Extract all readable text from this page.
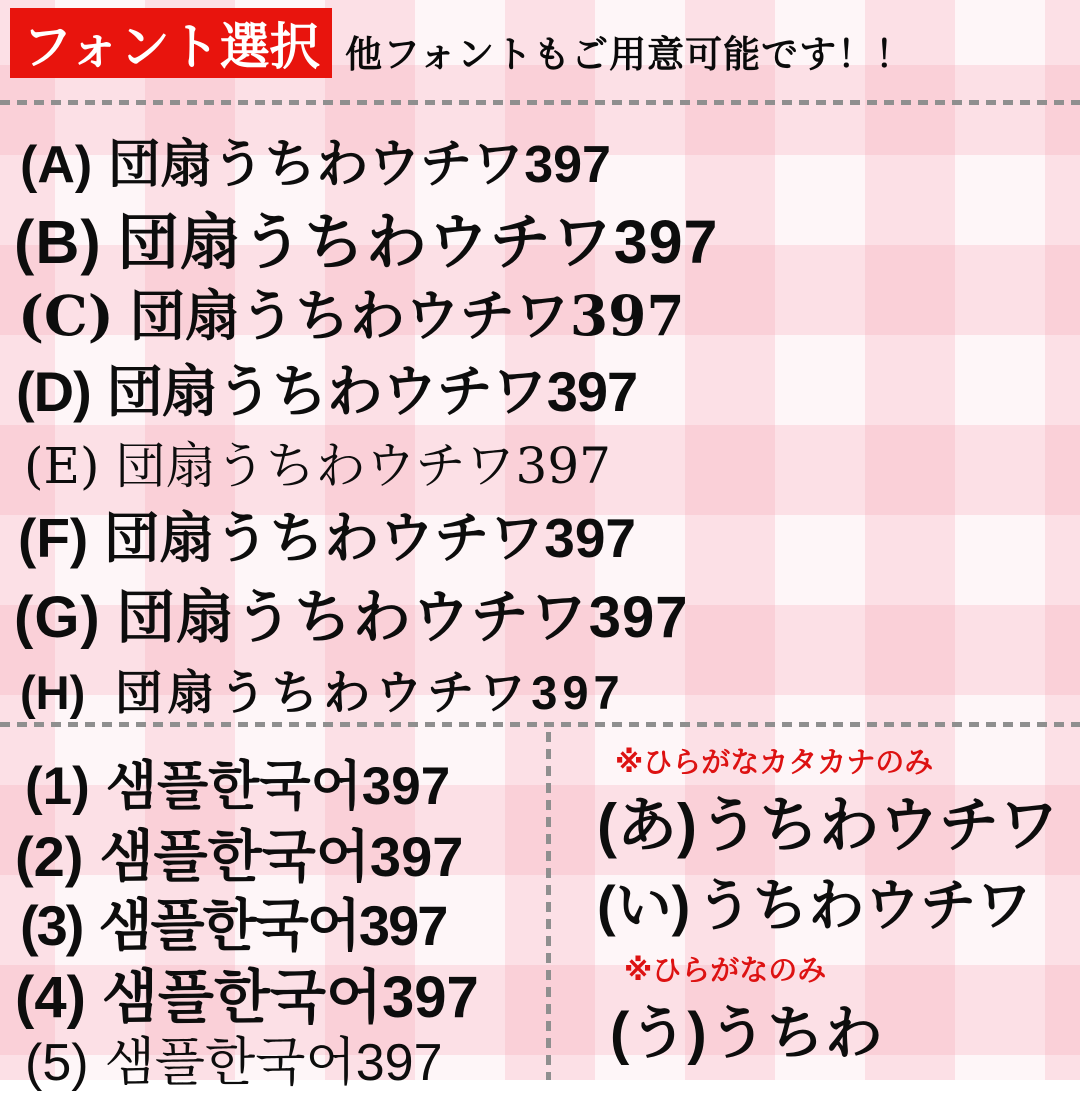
フォント選択 他フォントもご用意可能です！！
(A) 団扇うちわウチワ397
(B) 団扇うちわウチワ397
(C) 団扇うちわウチワ397
(D) 団扇うちわウチワ397
(E) 団扇うちわウチワ397
(F) 団扇うちわウチワ397
(G) 団扇うちわウチワ397
(H) 団扇うちわウチワ397
(1) 샘플한국어397
(2) 샘플한국어397
(3) 샘플한국어397
(4) 샘플한국어397
(5) 샘플한국어397
※ひらがなカタカナのみ
(あ)うちわウチワ
(い) うちわウチワ
※ひらがなのみ
(う)うちわ
